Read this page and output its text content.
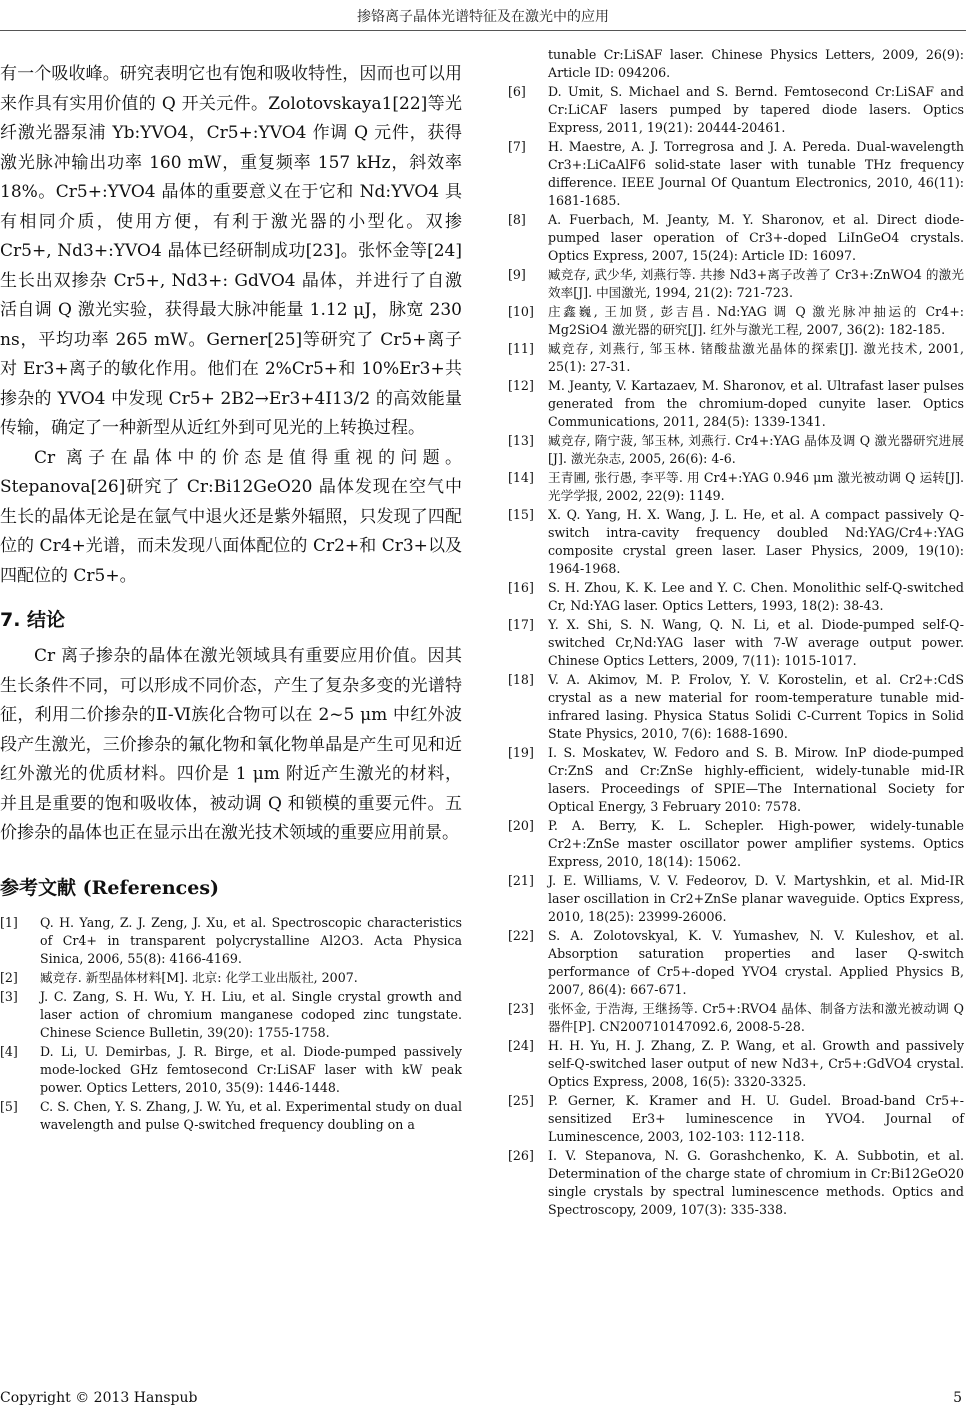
掺铬离子晶体光谱特征及在激光中的应用

有一个吸收峰。研究表明它也有饱和吸收特性，因而也可以用来作具有实用价值的 Q 开关元件。Zolotovskaya1[22]等光纤激光器泵浦 Yb:YVO4，Cr5+:YVO4 作调 Q 元件，获得激光脉冲输出功率 160 mW，重复频率 157 kHz，斜效率 18%。Cr5+:YVO4 晶体的重要意义在于它和 Nd:YVO4 具有相同介质，使用方便，有利于激光器的小型化。双掺 Cr5+, Nd3+:YVO4 晶体已经研制成功[23]。张怀金等[24]生长出双掺杂 Cr5+, Nd3+: GdVO4 晶体，并进行了自激活自调 Q 激光实验，获得最大脉冲能量 1.12 μJ，脉宽 230 ns，平均功率 265 mW。Gerner[25]等研究了 Cr5+离子对 Er3+离子的敏化作用。他们在 2%Cr5+和 10%Er3+共掺杂的 YVO4 中发现 Cr5+ 2B2→Er3+4I13/2 的高效能量传输，确定了一种新型从近红外到可见光的上转换过程。

Cr 离子在晶体中的价态是值得重视的问题。Stepanova[26]研究了 Cr:Bi12GeO20 晶体发现在空气中生长的晶体无论是在氩气中退火还是紫外辐照，只发现了四配位的 Cr4+光谱，而未发现八面体配位的 Cr2+和 Cr3+以及四配位的 Cr5+。

7. 结论

Cr 离子掺杂的晶体在激光领域具有重要应用价值。因其生长条件不同，可以形成不同价态，产生了复杂多变的光谱特征，利用二价掺杂的Ⅱ-Ⅵ族化合物可以在 2~5 μm 中红外波段产生激光，三价掺杂的氟化物和氧化物单晶是产生可见和近红外激光的优质材料。四价是 1 μm 附近产生激光的材料，并且是重要的饱和吸收体，被动调 Q 和锁模的重要元件。五价掺杂的晶体也正在显示出在激光技术领域的重要应用前景。

参考文献 (References)
[1]	Q. H. Yang, Z. J. Zeng, J. Xu, et al. Spectroscopic characteristics of Cr4+ in transparent polycrystalline Al2O3. Acta Physica Sinica, 2006, 55(8): 4166-4169.
[2]	臧竞存. 新型晶体材料[M]. 北京: 化学工业出版社, 2007.
[3]	J. C. Zang, S. H. Wu, Y. H. Liu, et al. Single crystal growth and laser action of chromium manganese codoped zinc tungstate. Chinese Science Bulletin, 39(20): 1755-1758.
[4]	D. Li, U. Demirbas, J. R. Birge, et al. Diode-pumped passively mode-locked GHz femtosecond Cr:LiSAF laser with kW peak power. Optics Letters, 2010, 35(9): 1446-1448.
[5]	C. S. Chen, Y. S. Zhang, J. W. Yu, et al. Experimental study on dual wavelength and pulse Q-switched frequency doubling on a
tunable Cr:LiSAF laser. Chinese Physics Letters, 2009, 26(9): Article ID: 094206.
[6]	D. Umit, S. Michael and S. Bernd. Femtosecond Cr:LiSAF and Cr:LiCAF lasers pumped by tapered diode lasers. Optics Express, 2011, 19(21): 20444-20461.
[7]	H. Maestre, A. J. Torregrosa and J. A. Pereda. Dual-wavelength Cr3+:LiCaAlF6 solid-state laser with tunable THz frequency difference. IEEE Journal Of Quantum Electronics, 2010, 46(11): 1681-1685.
[8]	A. Fuerbach, M. Jeanty, M. Y. Sharonov, et al. Direct diode-pumped laser operation of Cr3+-doped LiInGeO4 crystals. Optics Express, 2007, 15(24): Article ID: 16097.
[9]	臧竞存, 武少华, 刘燕行等. 共掺 Nd3+离子改善了 Cr3+:ZnWO4 的激光效率[J]. 中国激光, 1994, 21(2): 721-723.
[10]	庄鑫巍, 王加贤, 彭吉昌. Nd:YAG 调 Q 激光脉冲抽运的 Cr4+: Mg2SiO4 激光器的研究[J]. 红外与激光工程, 2007, 36(2): 182-185.
[11]	臧竞存, 刘燕行, 邹玉林. 锗酸盐激光晶体的探索[J]. 激光技术, 2001, 25(1): 27-31.
[12]	M. Jeanty, V. Kartazaev, M. Sharonov, et al. Ultrafast laser pulses generated from the chromium-doped cunyite laser. Optics Communications, 2011, 284(5): 1339-1341.
[13]	臧竞存, 隋宁菠, 邹玉林, 刘燕行. Cr4+:YAG 晶体及调 Q 激光器研究进展[J]. 激光杂志, 2005, 26(6): 4-6.
[14]	王青圃, 张行愚, 李平等. 用 Cr4+:YAG 0.946 μm 激光被动调 Q 运转[J]. 光学学报, 2002, 22(9): 1149.
[15]	X. Q. Yang, H. X. Wang, J. L. He, et al. A compact passively Q-switch intra-cavity frequency doubled Nd:YAG/Cr4+:YAG composite crystal green laser. Laser Physics, 2009, 19(10): 1964-1968.
[16]	S. H. Zhou, K. K. Lee and Y. C. Chen. Monolithic self-Q-switched Cr, Nd:YAG laser. Optics Letters, 1993, 18(2): 38-43.
[17]	Y. X. Shi, S. N. Wang, Q. N. Li, et al. Diode-pumped self-Q-switched Cr,Nd:YAG laser with 7-W average output power. Chinese Optics Letters, 2009, 7(11): 1015-1017.
[18]	V. A. Akimov, M. P. Frolov, Y. V. Korostelin, et al. Cr2+:CdS crystal as a new material for room-temperature tunable mid-infrared lasing. Physica Status Solidi C-Current Topics in Solid State Physics, 2010, 7(6): 1688-1690.
[19]	I. S. Moskatev, W. Fedoro and S. B. Mirow. InP diode-pumped Cr:ZnS and Cr:ZnSe highly-efficient, widely-tunable mid-IR lasers. Proceedings of SPIE—The International Society for Optical Energy, 3 February 2010: 7578.
[20]	P. A. Berry, K. L. Schepler. High-power, widely-tunable Cr2+:ZnSe master oscillator power amplifier systems. Optics Express, 2010, 18(14): 15062.
[21]	J. E. Williams, V. V. Fedeorov, D. V. Martyshkin, et al. Mid-IR laser oscillation in Cr2+ZnSe planar waveguide. Optics Express, 2010, 18(25): 23999-26006.
[22]	S. A. Zolotovskyal, K. V. Yumashev, N. V. Kuleshov, et al. Absorption saturation properties and laser Q-switch performance of Cr5+-doped YVO4 crystal. Applied Physics B, 2007, 86(4): 667-671.
[23]	张怀金, 于浩海, 王继扬等. Cr5+:RVO4 晶体、制备方法和激光被动调 Q 器件[P]. CN200710147092.6, 2008-5-28.
[24]	H. H. Yu, H. J. Zhang, Z. P. Wang, et al. Growth and passively self-Q-switched laser output of new Nd3+, Cr5+:GdVO4 crystal. Optics Express, 2008, 16(5): 3320-3325.
[25]	P. Gerner, K. Kramer and H. U. Gudel. Broad-band Cr5+-sensitized Er3+ luminescence in YVO4. Journal of Luminescence, 2003, 102-103: 112-118.
[26]	I. V. Stepanova, N. G. Gorashchenko, K. A. Subbotin, et al. Determination of the charge state of chromium in Cr:Bi12GeO20 single crystals by spectral luminescence methods. Optics and Spectroscopy, 2009, 107(3): 335-338.
Copyright © 2013 Hanspub	5
